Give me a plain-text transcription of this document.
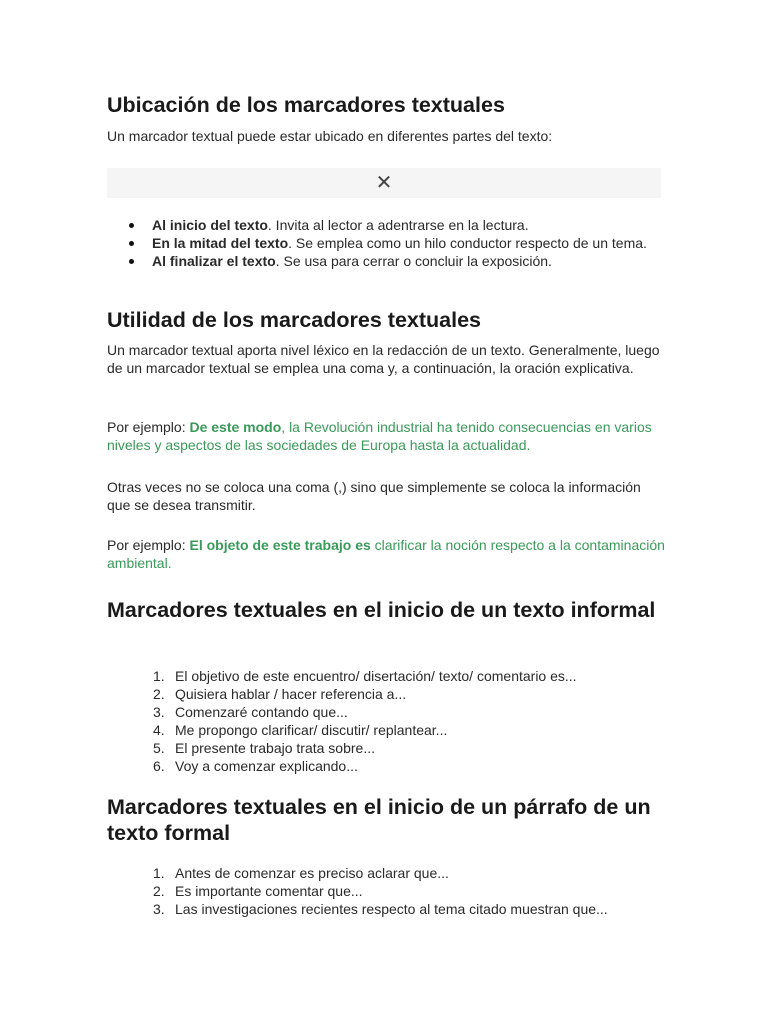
✕
Ubicación de los marcadores textuales

Un marcador textual puede estar ubicado en diferentes partes del texto:

Al inicio del texto. Invita al lector a adentrarse en la lectura.
En la mitad del texto. Se emplea como un hilo conductor respecto de un tema.
Al finalizar el texto. Se usa para cerrar o concluir la exposición.
Utilidad de los marcadores textuales

Un marcador textual aporta nivel léxico en la redacción de un texto. Generalmente, luego de un marcador textual se emplea una coma y, a continuación, la oración explicativa.

Por ejemplo: De este modo, la Revolución industrial ha tenido consecuencias en varios niveles y aspectos de las sociedades de Europa hasta la actualidad.

Otras veces no se coloca una coma (,) sino que simplemente se coloca la información que se desea transmitir.

Por ejemplo: El objeto de este trabajo es clarificar la noción respecto a la contaminación ambiental.

Marcadores textuales en el inicio de un texto informal
1. El objetivo de este encuentro/ disertación/ texto/ comentario es...
2. Quisiera hablar / hacer referencia a...
3. Comenzaré contando que...
4. Me propongo clarificar/ discutir/ replantear...
5. El presente trabajo trata sobre...
6. Voy a comenzar explicando...
Marcadores textuales en el inicio de un párrafo de un texto formal
1. Antes de comenzar es preciso aclarar que...
2. Es importante comentar que...
3. Las investigaciones recientes respecto al tema citado muestran que...
